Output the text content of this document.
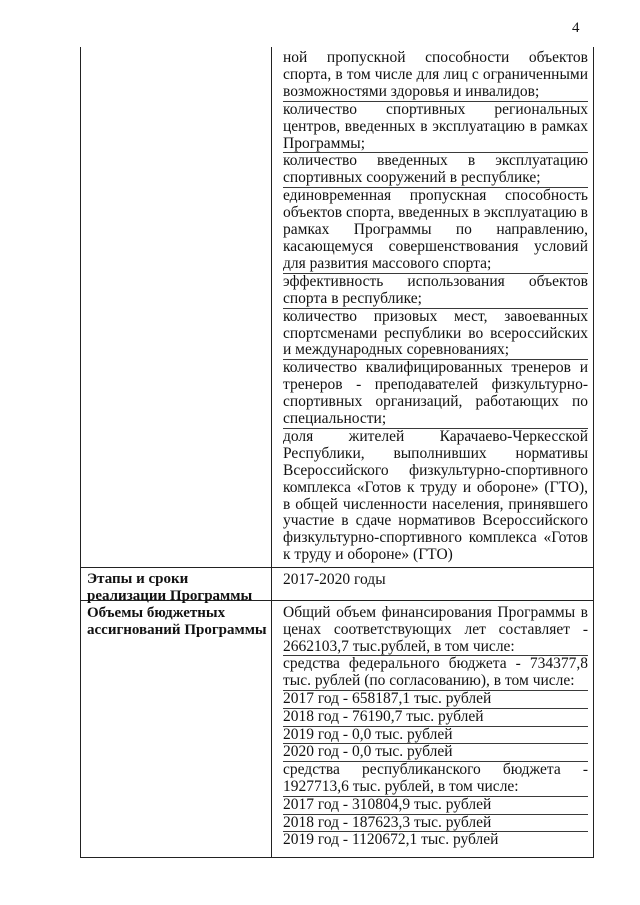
4
ной пропускной способности объектов спорта, в том числе для лиц с ограниченными возможностями здоровья и инвалидов;
количество спортивных региональных центров, введенных в эксплуатацию в рамках Программы;
количество введенных в эксплуатацию спортивных сооружений в республике;
единовременная пропускная способность объектов спорта, введенных в эксплуатацию в рамках Программы по направлению, касающемуся совершенствования условий для развития массового спорта;
эффективность использования объектов спорта в республике;
количество призовых мест, завоеванных спортсменами республики во всероссийских и международных соревнованиях;
количество квалифицированных тренеров и тренеров - преподавателей физкультурно-спортивных организаций, работающих по специальности;
доля жителей Карачаево-Черкесской Республики, выполнивших нормативы Всероссийского физкультурно-спортивного комплекса «Готов к труду и обороне» (ГТО), в общей численности населения, принявшего участие в сдаче нормативов Всероссийского физкультурно-спортивного комплекса «Готов к труду и обороне» (ГТО)
Этапы и сроки реализации Программы
2017-2020 годы
Объемы бюджетных ассигнований Программы
Общий объем финансирования Программы в ценах соответствующих лет составляет - 2662103,7 тыс.рублей, в том числе:
средства федерального бюджета - 734377,8 тыс. рублей (по согласованию), в том числе:
2017 год - 658187,1 тыс. рублей
2018 год - 76190,7 тыс. рублей
2019 год - 0,0 тыс. рублей
2020 год - 0,0 тыс. рублей
средства республиканского бюджета - 1927713,6 тыс. рублей, в том числе:
2017 год - 310804,9 тыс. рублей
2018 год - 187623,3 тыс. рублей
2019 год - 1120672,1 тыс. рублей
